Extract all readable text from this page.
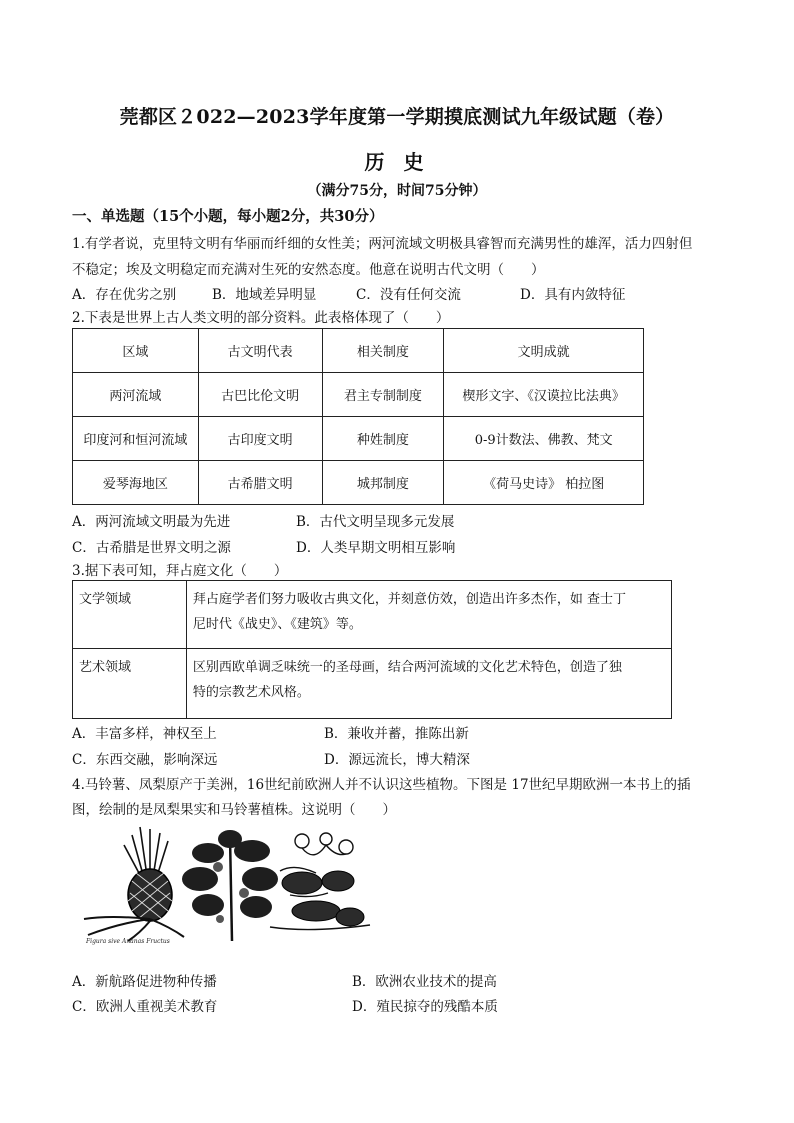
莞都区２022—2023学年度第一学期摸底测试九年级试题（卷）
历 史
（满分75分，时间75分钟）
一、单选题（15个小题，每小题2分，共30分）
1.有学者说，克里特文明有华丽而纤细的女性美；两河流域文明极具睿智而充满男性的雄浑，活力四射但
不稳定；埃及文明稳定而充满对生死的安然态度。他意在说明古代文明（　　）
A．存在优劣之别	B．地域差异明显	C．没有任何交流	D．具有内敛特征
2.下表是世界上古人类文明的部分资料。此表格体现了（　　）
区域	古文明代表	相关制度	文明成就
两河流域	古巴比伦文明	君主专制制度	楔形文字、《汉谟拉比法典》
印度河和恒河流域	古印度文明	种姓制度	0-9计数法、佛教、梵文
爱琴海地区	古希腊文明	城邦制度	《荷马史诗》 柏拉图
A．两河流域文明最为先进	B．古代文明呈现多元发展
C．古希腊是世界文明之源	D．人类早期文明相互影响
3.据下表可知，拜占庭文化（　　）
文学领域	拜占庭学者们努力吸收古典文化，并刻意仿效，创造出许多杰作，如 查士丁
尼时代《战史》、《建筑》等。

艺术领域	区别西欧单调乏味统一的圣母画，结合两河流域的文化艺术特色，创造了独
特的宗教艺术风格。
A．丰富多样，神权至上	B．兼收并蓄，推陈出新
C．东西交融，影响深远	D．源远流长，博大精深
4.马铃薯、凤梨原产于美洲，16世纪前欧洲人并不认识这些植物。下图是 17世纪早期欧洲一本书上的插
图，绘制的是凤梨果实和马铃薯植株。这说明（　　）
Figura sive Ananas Fructus
A．新航路促进物种传播	B．欧洲农业技术的提高
C．欧洲人重视美术教育	D．殖民掠夺的残酷本质
